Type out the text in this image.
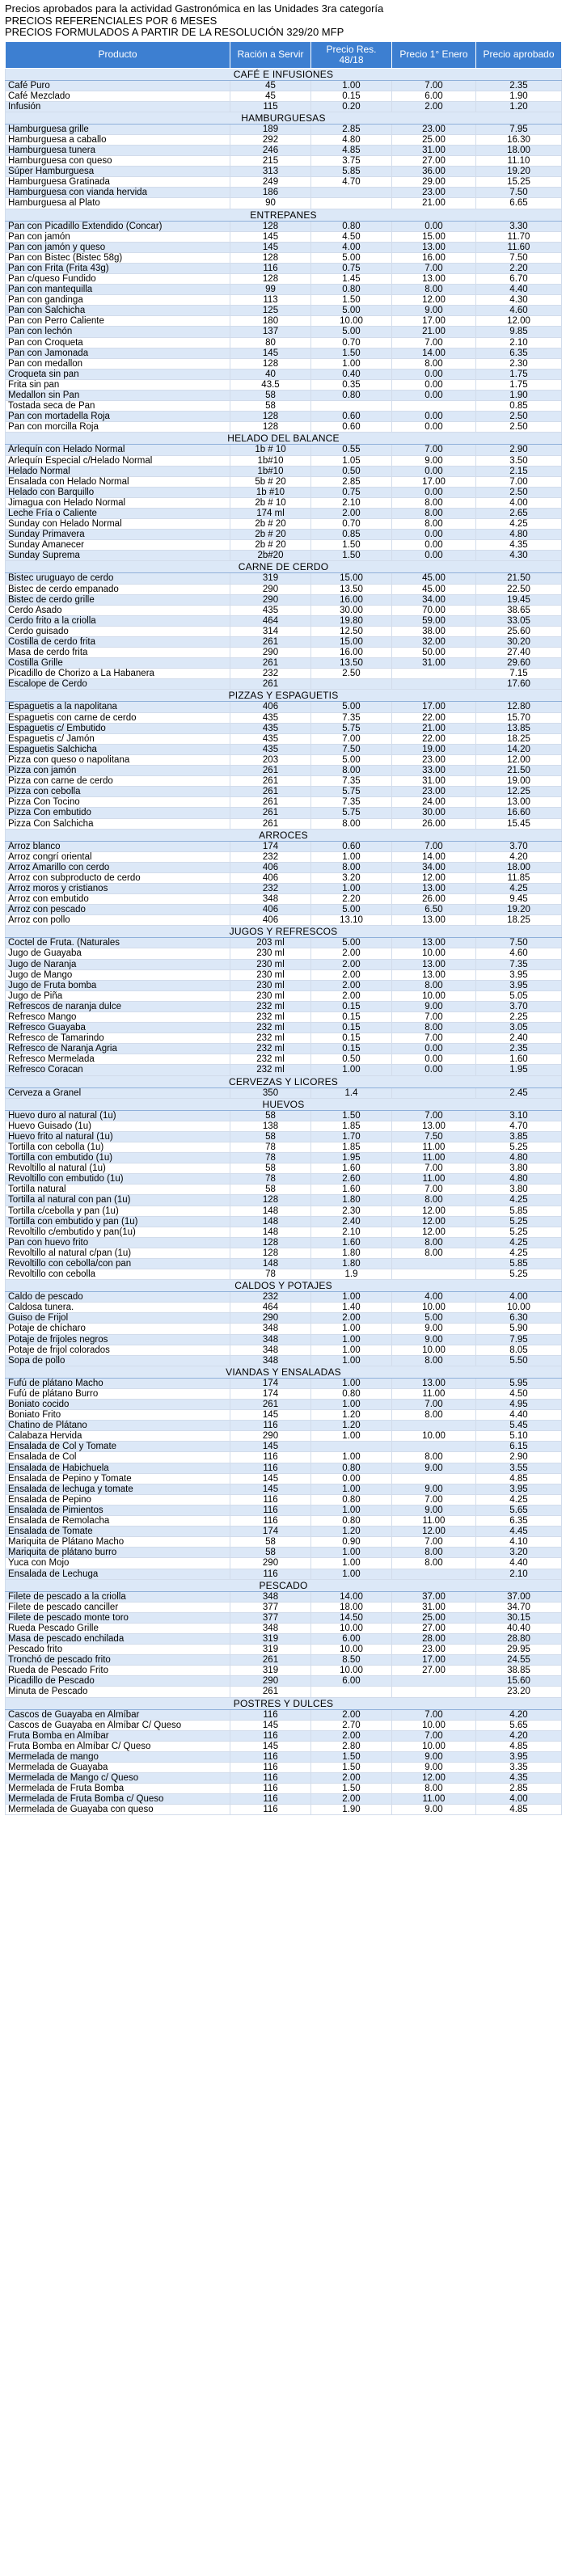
Precios aprobados para la actividad Gastronómica en las Unidades 3ra categoría
PRECIOS REFERENCIALES POR 6 MESES
PRECIOS FORMULADOS A PARTIR DE LA RESOLUCIÓN 329/20 MFP
Producto	Ración a Servir	Precio Res. 48/18	Precio 1° Enero	Precio aprobado
CAFÉ E INFUSIONES				
Café Puro	45	1.00	7.00	2.35
Café Mezclado	45	0.15	6.00	1.90
Infusión	115	0.20	2.00	1.20
HAMBURGUESAS				
Hamburguesa grille	189	2.85	23.00	7.95
Hamburguesa a caballo	292	4.80	25.00	16.30
Hamburguesa tunera	246	4.85	31.00	18.00
Hamburguesa con queso	215	3.75	27.00	11.10
Súper Hamburguesa	313	5.85	36.00	19.20
Hamburguesa Gratinada	249	4.70	29.00	15.25
Hamburguesa con vianda hervida	186		23.00	7.50
Hamburguesa al Plato	90		21.00	6.65
ENTREPANES				
Pan con Picadillo Extendido (Concar)	128	0.80	0.00	3.30
Pan con jamón	145	4.50	15.00	11.70
Pan con jamón y queso	145	4.00	13.00	11.60
Pan con Bistec (Bistec 58g)	128	5.00	16.00	7.50
Pan con Frita (Frita 43g)	116	0.75	7.00	2.20
Pan c/queso Fundido	128	1.45	13.00	6.70
Pan con mantequilla	99	0.80	8.00	4.40
Pan con gandinga	113	1.50	12.00	4.30
Pan con Salchicha	125	5.00	9.00	4.60
Pan con Perro Caliente	180	10.00	17.00	12.00
Pan con lechón	137	5.00	21.00	9.85
Pan con Croqueta	80	0.70	7.00	2.10
Pan con Jamonada	145	1.50	14.00	6.35
Pan con medallon	128	1.00	8.00	2.30
Croqueta sin pan	40	0.40	0.00	1.75
Frita sin pan	43.5	0.35	0.00	1.75
Medallon sin Pan	58	0.80	0.00	1.90
Tostada seca de Pan	58			0.85
Pan con mortadella Roja	128	0.60	0.00	2.50
Pan con morcilla Roja	128	0.60	0.00	2.50
HELADO DEL BALANCE				
Arlequín con Helado Normal	1b # 10	0.55	7.00	2.90
Arlequín Especial c/Helado Normal	1b#10	1.05	9.00	3.50
Helado Normal	1b#10	0.50	0.00	2.15
Ensalada con Helado Normal	5b # 20	2.85	17.00	7.00
Helado con Barquillo	1b #10	0.75	0.00	2.50
Jimagua con Helado Normal	2b # 10	2.10	8.00	4.00
Leche Fría o Caliente	174 ml	2.00	8.00	2.65
Sunday con Helado Normal	2b # 20	0.70	8.00	4.25
Sunday Primavera	2b # 20	0.85	0.00	4.80
Sunday Amanecer	2b # 20	1.50	0.00	4.35
Sunday Suprema	2b#20	1.50	0.00	4.30
CARNE DE CERDO				
Bistec uruguayo de cerdo	319	15.00	45.00	21.50
Bistec de cerdo empanado	290	13.50	45.00	22.50
Bistec de cerdo grille	290	16.00	34.00	19.45
Cerdo Asado	435	30.00	70.00	38.65
Cerdo frito a la criolla	464	19.80	59.00	33.05
Cerdo guisado	314	12.50	38.00	25.60
Costilla de cerdo frita	261	15.00	32.00	30.20
Masa de cerdo frita	290	16.00	50.00	27.40
Costilla Grille	261	13.50	31.00	29.60
Picadillo de Chorizo a La Habanera	232	2.50		7.15
Escalope de Cerdo	261			17.60
PIZZAS Y ESPAGUETIS				
Espaguetis a la napolitana	406	5.00	17.00	12.80
Espaguetis con carne de cerdo	435	7.35	22.00	15.70
Espaguetis c/ Embutido	435	5.75	21.00	13.85
Espaguetis c/ Jamón	435	7.00	22.00	18.25
Espaguetis Salchicha	435	7.50	19.00	14.20
Pizza con queso o napolitana	203	5.00	23.00	12.00
Pizza con jamón	261	8.00	33.00	21.50
Pizza con carne de cerdo	261	7.35	31.00	19.00
Pizza con cebolla	261	5.75	23.00	12.25
Pizza Con Tocino	261	7.35	24.00	13.00
Pizza Con embutido	261	5.75	30.00	16.60
Pizza Con Salchicha	261	8.00	26.00	15.45
ARROCES				
Arroz blanco	174	0.60	7.00	3.70
Arroz congrí oriental	232	1.00	14.00	4.20
Arroz Amarillo con cerdo	406	8.00	34.00	18.00
Arroz con subproducto de cerdo	406	3.20	12.00	11.85
Arroz moros y cristianos	232	1.00	13.00	4.25
Arroz con embutido	348	2.20	26.00	9.45
Arroz con pescado	406	5.00	6.50	19.20
Arroz con pollo	406	13.10	13.00	18.25
JUGOS Y REFRESCOS				
Coctel de Fruta. (Naturales	203 ml	5.00	13.00	7.50
Jugo de Guayaba	230 ml	2.00	10.00	4.60
Jugo de Naranja	230 ml	2.00	13.00	7.35
Jugo de Mango	230 ml	2.00	13.00	3.95
Jugo de Fruta bomba	230 ml	2.00	8.00	3.95
Jugo de Piña	230 ml	2.00	10.00	5.05
Refrescos de naranja dulce	232 ml	0.15	9.00	3.70
Refresco Mango	232 ml	0.15	7.00	2.25
Refresco Guayaba	232 ml	0.15	8.00	3.05
Refresco de Tamarindo	232 ml	0.15	7.00	2.40
Refresco de Naranja Agria	232 ml	0.15	0.00	2.35
Refresco Mermelada	232 ml	0.50	0.00	1.60
Refresco Coracan	232 ml	1.00	0.00	1.95
CERVEZAS Y LICORES				
Cerveza a Granel	350	1.4		2.45
HUEVOS				
Huevo duro al natural (1u)	58	1.50	7.00	3.10
Huevo Guisado (1u)	138	1.85	13.00	4.70
Huevo frito al natural (1u)	58	1.70	7.50	3.85
Tortilla con cebolla (1u)	78	1.85	11.00	5.25
Tortilla con embutido (1u)	78	1.95	11.00	4.80
Revoltillo al natural (1u)	58	1.60	7.00	3.80
Revoltillo con embutido (1u)	78	2.60	11.00	4.80
Tortilla natural	58	1.60	7.00	3.80
Tortilla al natural con pan (1u)	128	1.80	8.00	4.25
Tortilla c/cebolla y pan (1u)	148	2.30	12.00	5.85
Tortilla con embutido y pan (1u)	148	2.40	12.00	5.25
Revoltillo c/embutido y pan(1u)	148	2.10	12.00	5.25
Pan con huevo frito	128	1.60	8.00	4.25
Revoltillo al natural c/pan (1u)	128	1.80	8.00	4.25
Revoltillo con cebolla/con pan	148	1.80		5.85
Revoltillo con cebolla	78	1.9		5.25
CALDOS Y POTAJES				
Caldo de pescado	232	1.00	4.00	4.00
Caldosa tunera.	464	1.40	10.00	10.00
Guiso de Frijol	290	2.00	5.00	6.30
Potaje de chícharo	348	1.00	9.00	5.90
Potaje de frijoles negros	348	1.00	9.00	7.95
Potaje de frijol colorados	348	1.00	10.00	8.05
Sopa de pollo	348	1.00	8.00	5.50
VIANDAS Y ENSALADAS				
Fufú de plátano Macho	174	1.00	13.00	5.95
Fufú de plátano Burro	174	0.80	11.00	4.50
Boniato cocido	261	1.00	7.00	4.95
Boniato Frito	145	1.20	8.00	4.40
Chatino de Plátano	116	1.20		5.45
Calabaza Hervida	290	1.00	10.00	5.10
Ensalada de Col y Tomate	145			6.15
Ensalada de Col	116	1.00	8.00	2.90
Ensalada de Habichuela	116	0.80	9.00	3.55
Ensalada de Pepino y Tomate	145	0.00		4.85
Ensalada de lechuga y tomate	145	1.00	9.00	3.95
Ensalada de Pepino	116	0.80	7.00	4.25
Ensalada de Pimientos	116	1.00	9.00	5.65
Ensalada de Remolacha	116	0.80	11.00	6.35
Ensalada de Tomate	174	1.20	12.00	4.45
Mariquita de Plátano Macho	58	0.90	7.00	4.10
Mariquita de plátano burro	58	1.00	8.00	3.20
Yuca con Mojo	290	1.00	8.00	4.40
Ensalada de Lechuga	116	1.00		2.10
PESCADO				
Filete de pescado a la criolla	348	14.00	37.00	37.00
Filete de pescado canciller	377	18.00	31.00	34.70
Filete de pescado monte toro	377	14.50	25.00	30.15
Rueda Pescado Grille	348	10.00	27.00	40.40
Masa de pescado enchilada	319	6.00	28.00	28.80
Pescado frito	319	10.00	23.00	29.95
Tronchó de pescado frito	261	8.50	17.00	24.55
Rueda de Pescado Frito	319	10.00	27.00	38.85
Picadillo de Pescado	290	6.00		15.60
Minuta de Pescado	261			23.20
POSTRES Y DULCES				
Cascos de Guayaba en Almíbar	116	2.00	7.00	4.20
Cascos de Guayaba en Almíbar C/ Queso	145	2.70	10.00	5.65
Fruta Bomba en Almíbar	116	2.00	7.00	4.20
Fruta Bomba en Almíbar C/ Queso	145	2.80	10.00	4.85
Mermelada de mango	116	1.50	9.00	3.95
Mermelada de Guayaba	116	1.50	9.00	3.35
Mermelada de Mango c/ Queso	116	2.00	12.00	4.35
Mermelada de Fruta Bomba	116	1.50	8.00	2.85
Mermelada de Fruta Bomba c/ Queso	116	2.00	11.00	4.00
Mermelada de Guayaba con queso	116	1.90	9.00	4.85
